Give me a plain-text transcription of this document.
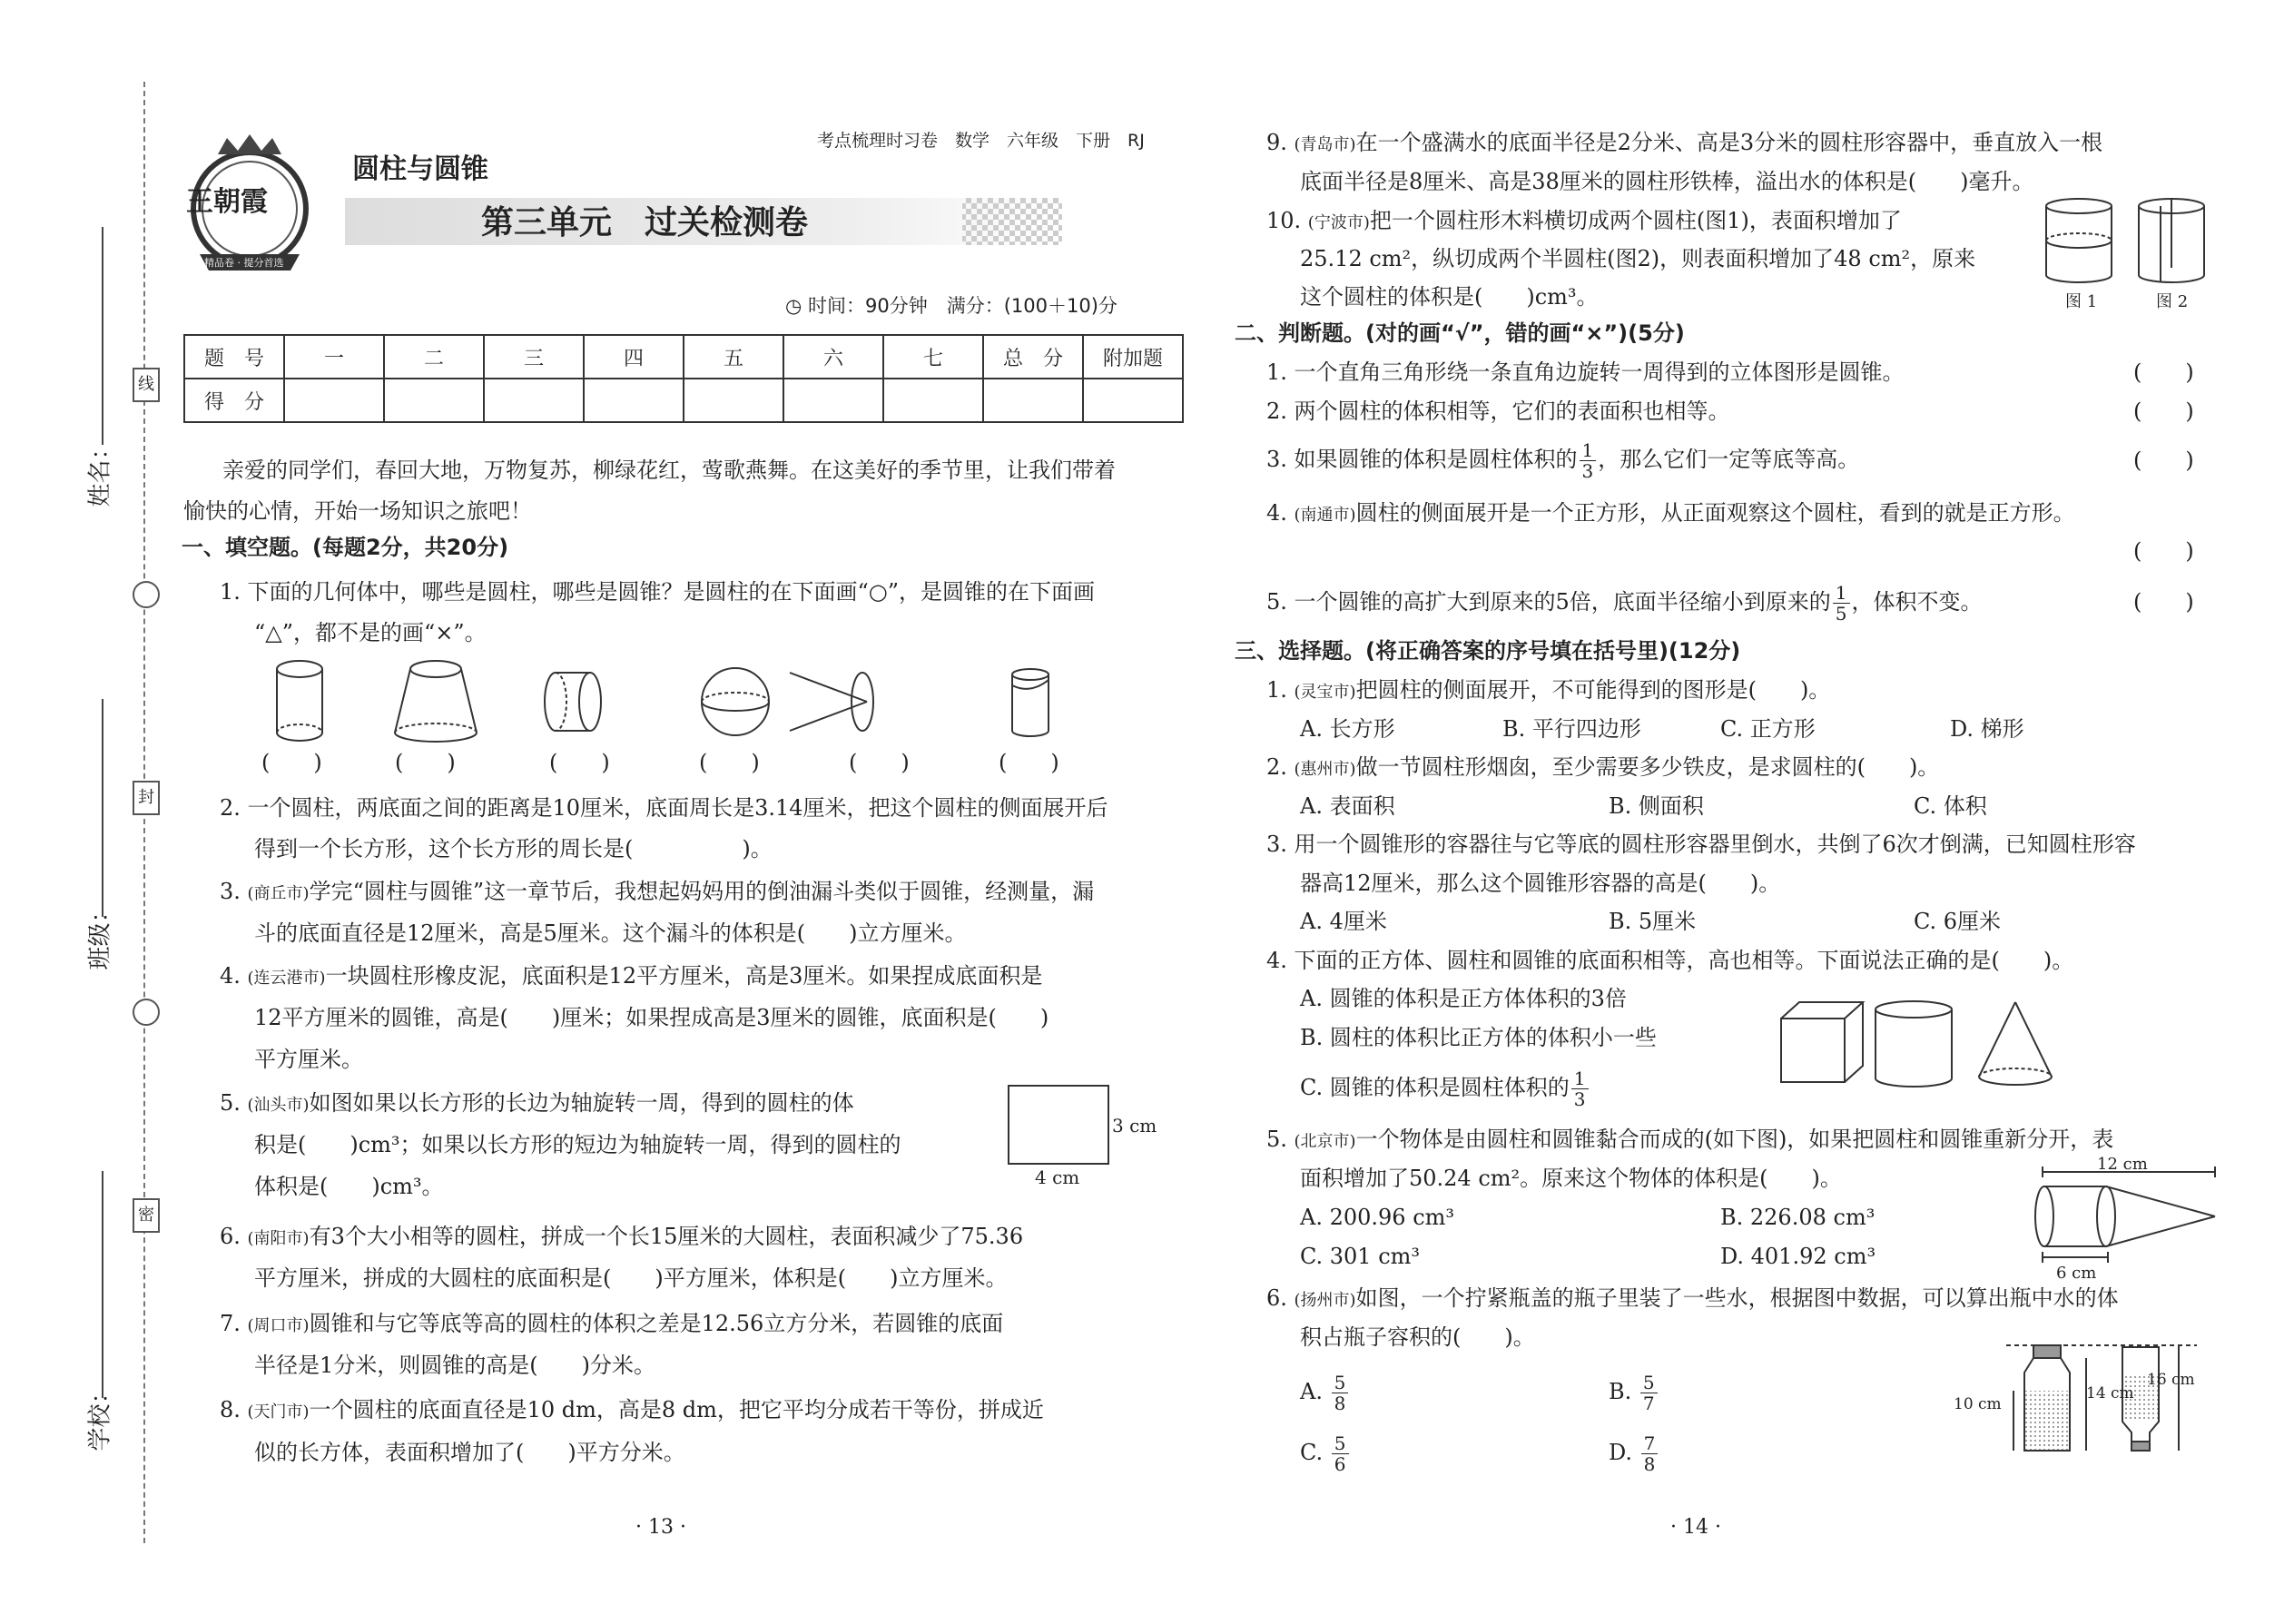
姓名：
班级：
学校：
线
封
密
王朝霞
精品卷 · 提分首选
考点梳理时习卷　数学　六年级　下册　RJ
圆柱与圆锥
第三单元　过关检测卷
◷ 时间：90分钟　满分：(100＋10)分
题　号	一	二	三	四	五	六	七	总　分	附加题
得　分									
亲爱的同学们，春回大地，万物复苏，柳绿花红，莺歌燕舞。在这美好的季节里，让我们带着
愉快的心情，开始一场知识之旅吧！
一、填空题。(每题2分，共20分)
1. 下面的几何体中，哪些是圆柱，哪些是圆锥？是圆柱的在下面画“○”，是圆锥的在下面画
“△”，都不是的画“×”。
(　　)	(　　)	(　　)	(　　)	(　　)	(　　)
2. 一个圆柱，两底面之间的距离是10厘米，底面周长是3.14厘米，把这个圆柱的侧面展开后
得到一个长方形，这个长方形的周长是(　　　　　)。
3. (商丘市)学完“圆柱与圆锥”这一章节后，我想起妈妈用的倒油漏斗类似于圆锥，经测量，漏
斗的底面直径是12厘米，高是5厘米。这个漏斗的体积是(　　)立方厘米。
4. (连云港市)一块圆柱形橡皮泥，底面积是12平方厘米，高是3厘米。如果捏成底面积是
12平方厘米的圆锥，高是(　　)厘米；如果捏成高是3厘米的圆锥，底面积是(　　)
平方厘米。
5. (汕头市)如图如果以长方形的长边为轴旋转一周，得到的圆柱的体
积是(　　)cm³；如果以长方形的短边为轴旋转一周，得到的圆柱的
体积是(　　)cm³。
3 cm
4 cm
6. (南阳市)有3个大小相等的圆柱，拼成一个长15厘米的大圆柱，表面积减少了75.36
平方厘米，拼成的大圆柱的底面积是(　　)平方厘米，体积是(　　)立方厘米。
7. (周口市)圆锥和与它等底等高的圆柱的体积之差是12.56立方分米，若圆锥的底面
半径是1分米，则圆锥的高是(　　)分米。
8. (天门市)一个圆柱的底面直径是10 dm，高是8 dm，把它平均分成若干等份，拼成近
似的长方体，表面积增加了(　　)平方分米。
· 13 ·
9. (青岛市)在一个盛满水的底面半径是2分米、高是3分米的圆柱形容器中，垂直放入一根
底面半径是8厘米、高是38厘米的圆柱形铁棒，溢出水的体积是(　　)毫升。
10. (宁波市)把一个圆柱形木料横切成两个圆柱(图1)，表面积增加了
25.12 cm²，纵切成两个半圆柱(图2)，则表面积增加了48 cm²，原来
这个圆柱的体积是(　　)cm³。	图 1	图 2
二、判断题。(对的画“√”，错的画“×”)(5分)
1. 一个直角三角形绕一条直角边旋转一周得到的立体图形是圆锥。	(　　)
2. 两个圆柱的体积相等，它们的表面积也相等。	(　　)
3. 如果圆锥的体积是圆柱体积的 $\frac{1}{3}$ ，那么它们一定等底等高。	(　　)
4. (南通市)圆柱的侧面展开是一个正方形，从正面观察这个圆柱，看到的就是正方形。
(　　)
5. 一个圆锥的高扩大到原来的5倍，底面半径缩小到原来的 $\frac{1}{5}$ ，体积不变。	(　　)
三、选择题。(将正确答案的序号填在括号里)(12分)
1. (灵宝市)把圆柱的侧面展开，不可能得到的图形是(　　)。
A. 长方形	B. 平行四边形	C. 正方形	D. 梯形
2. (惠州市)做一节圆柱形烟囱，至少需要多少铁皮，是求圆柱的(　　)。
A. 表面积	B. 侧面积	C. 体积
3. 用一个圆锥形的容器往与它等底的圆柱形容器里倒水，共倒了6次才倒满，已知圆柱形容
器高12厘米，那么这个圆锥形容器的高是(　　)。
A. 4厘米	B. 5厘米	C. 6厘米
4. 下面的正方体、圆柱和圆锥的底面积相等，高也相等。下面说法正确的是(　　)。
A. 圆锥的体积是正方体体积的3倍
B. 圆柱的体积比正方体的体积小一些
C. 圆锥的体积是圆柱体积的 $\frac{1}{3}$
5. (北京市)一个物体是由圆柱和圆锥黏合而成的(如下图)，如果把圆柱和圆锥重新分开，表
面积增加了50.24 cm²。原来这个物体的体积是(　　)。
A. 200.96 cm³	B. 226.08 cm³
C. 301 cm³	D. 401.92 cm³
12 cm
6 cm
6. (扬州市)如图，一个拧紧瓶盖的瓶子里装了一些水，根据图中数据，可以算出瓶中水的体
积占瓶子容积的(　　)。
A. $\frac{5}{8}$	B. $\frac{5}{7}$
C. $\frac{5}{6}$	D. $\frac{7}{8}$
10 cm
14 cm
16 cm
· 14 ·
